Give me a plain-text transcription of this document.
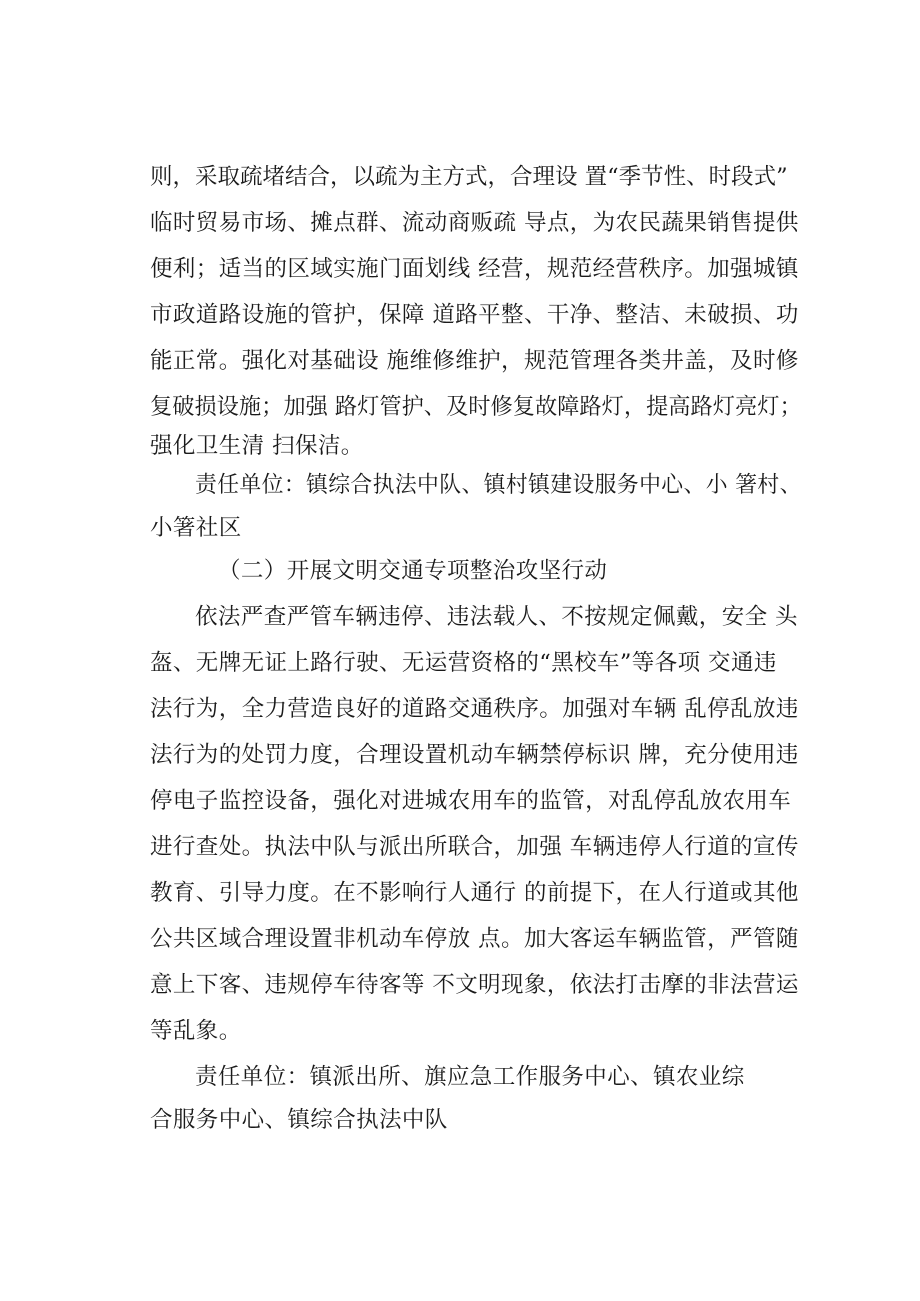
则，采取疏堵结合，以疏为主方式，合理设 置“季节性、时段式”
临时贸易市场、摊点群、流动商贩疏 导点，为农民蔬果销售提供
便利；适当的区域实施门面划线 经营，规范经营秩序。加强城镇
市政道路设施的管护，保障 道路平整、干净、整洁、未破损、功
能正常。强化对基础设 施维修维护，规范管理各类井盖，及时修
复破损设施；加强 路灯管护、及时修复故障路灯，提高路灯亮灯；
强化卫生清 扫保洁。
责任单位：镇综合执法中队、镇村镇建设服务中心、小 箸村、
小箸社区
（二）开展文明交通专项整治攻坚行动
依法严查严管车辆违停、违法载人、不按规定佩戴，安全 头
盔、无牌无证上路行驶、无运营资格的“黑校车”等各项 交通违
法行为，全力营造良好的道路交通秩序。加强对车辆 乱停乱放违
法行为的处罚力度，合理设置机动车辆禁停标识 牌，充分使用违
停电子监控设备，强化对进城农用车的监管，对乱停乱放农用车
进行查处。执法中队与派出所联合，加强 车辆违停人行道的宣传
教育、引导力度。在不影响行人通行 的前提下，在人行道或其他
公共区域合理设置非机动车停放 点。加大客运车辆监管，严管随
意上下客、违规停车待客等 不文明现象，依法打击摩的非法营运
等乱象。
责任单位：镇派出所、旗应急工作服务中心、镇农业综
合服务中心、镇综合执法中队
